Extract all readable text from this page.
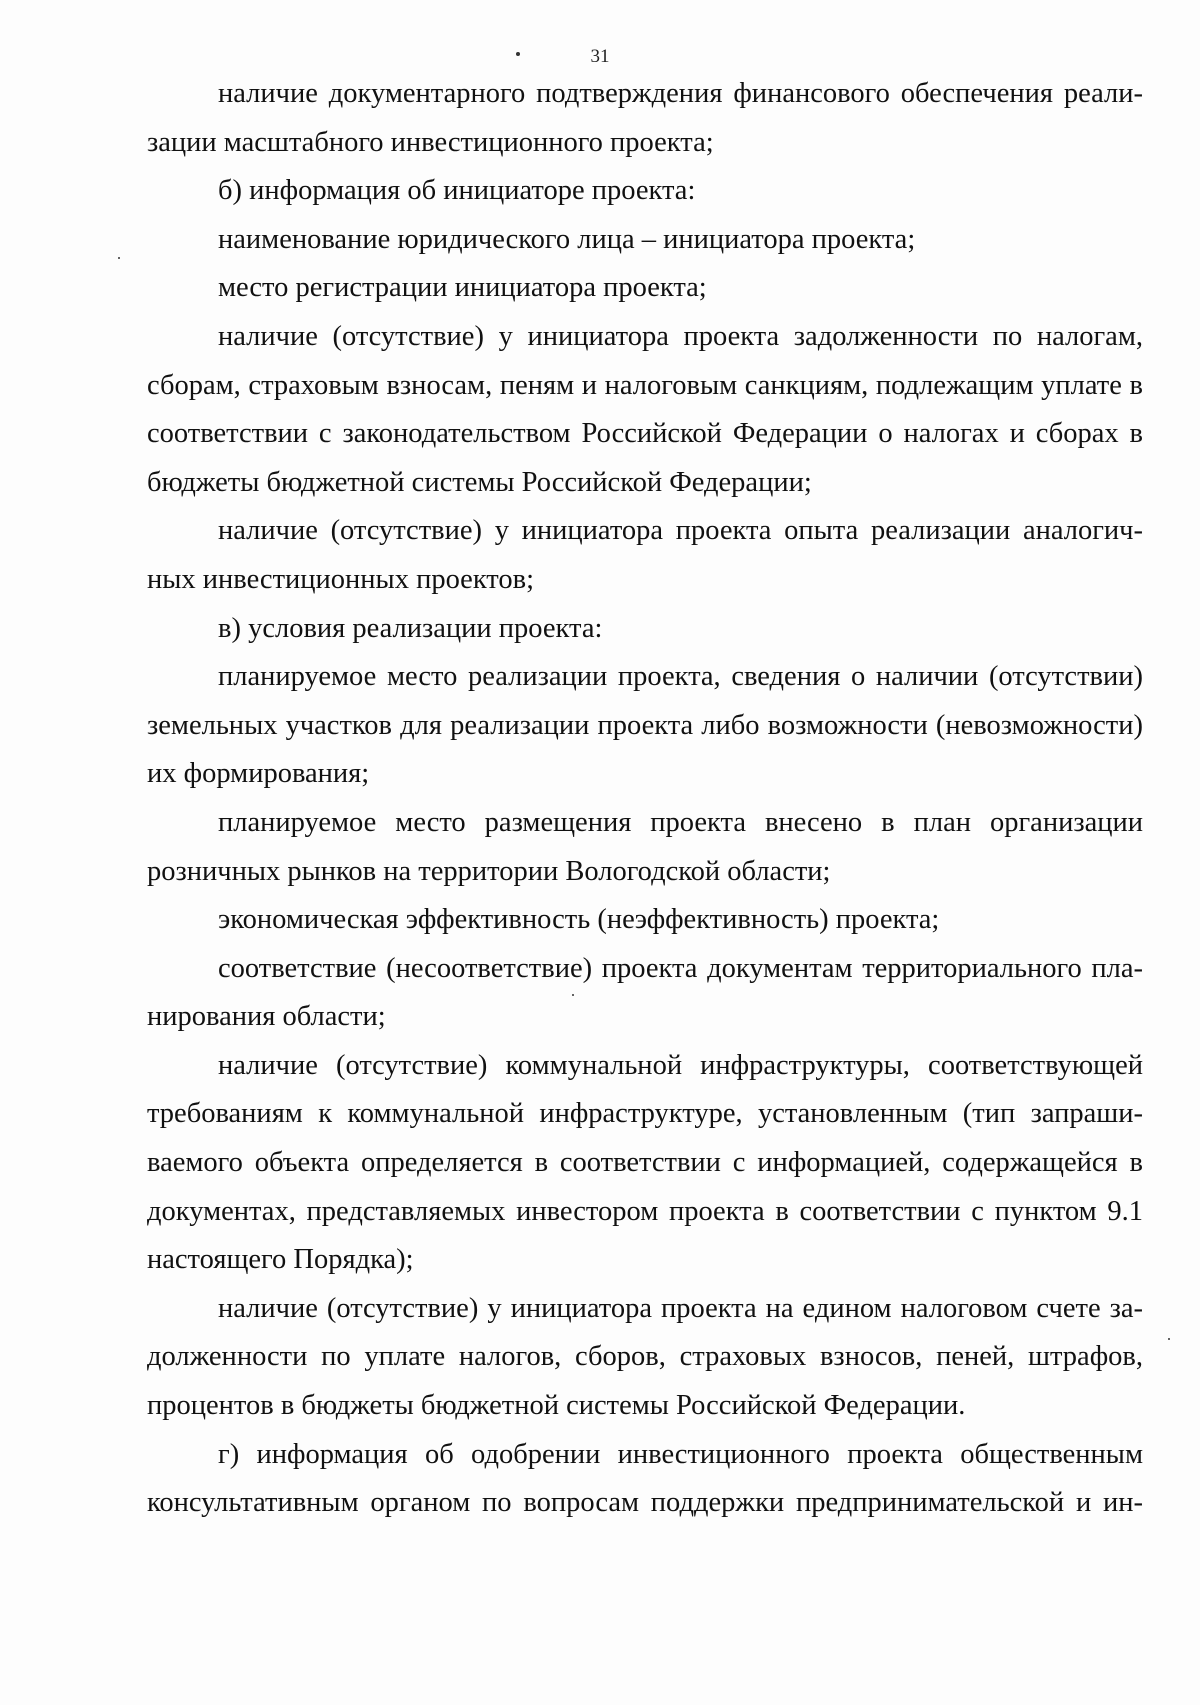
31

наличие документарного подтверждения финансового обеспечения реали-зации масштабного инвестиционного проекта;

б) информация об инициаторе проекта:

наименование юридического лица – инициатора проекта;

место регистрации инициатора проекта;

наличие (отсутствие) у инициатора проекта задолженности по налогам, сборам, страховым взносам, пеням и налоговым санкциям, подлежащим уплате в соответствии с законодательством Российской Федерации о налогах и сборах в бюджеты бюджетной системы Российской Федерации;

наличие (отсутствие) у инициатора проекта опыта реализации аналогич-ных инвестиционных проектов;

в) условия реализации проекта:

планируемое место реализации проекта, сведения о наличии (отсутствии) земельных участков для реализации проекта либо возможности (невозможности) их формирования;

планируемое место размещения проекта внесено в план организации розничных рынков на территории Вологодской области;

экономическая эффективность (неэффективность) проекта;

соответствие (несоответствие) проекта документам территориального пла-нирования области;

наличие (отсутствие) коммунальной инфраструктуры, соответствующей требованиям к коммунальной инфраструктуре, установленным (тип запраши-ваемого объекта определяется в соответствии с информацией, содержащейся в документах, представляемых инвестором проекта в соответствии с пунктом 9.1 настоящего Порядка);

наличие (отсутствие) у инициатора проекта на едином налоговом счете за-долженности по уплате налогов, сборов, страховых взносов, пеней, штрафов, процентов в бюджеты бюджетной системы Российской Федерации.

г) информация об одобрении инвестиционного проекта общественным консультативным органом по вопросам поддержки предпринимательской и ин-
